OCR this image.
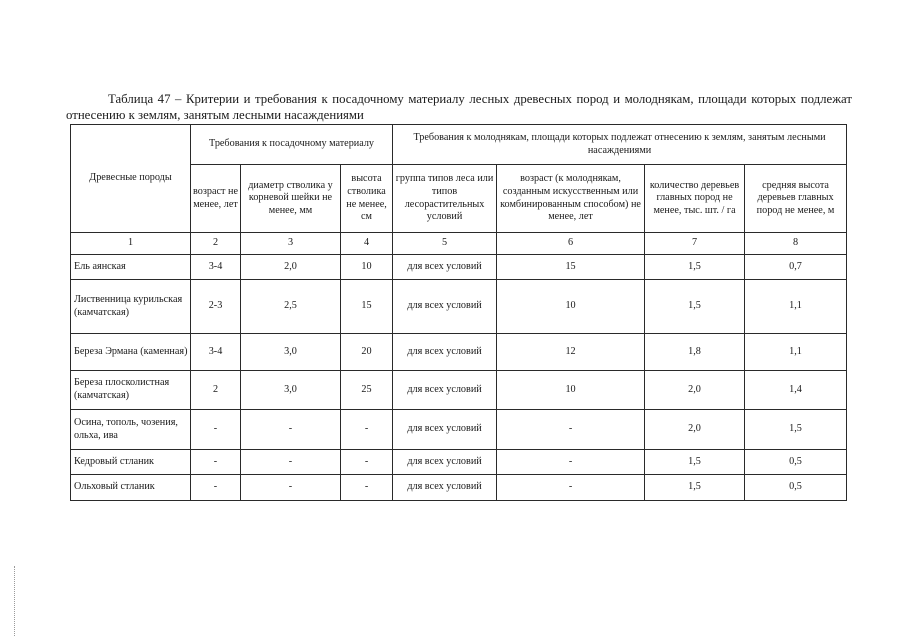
Таблица 47 – Критерии и требования к посадочному материалу лесных древесных пород и молоднякам, площади которых подлежат отнесению к землям, занятым лесными насаждениями
Древесные породы	Требования к посадочному материалу			Требования к молоднякам, площади которых подлежат отнесению к землям, занятым лесными насаждениями			
	возраст не менее, лет	диаметр стволика у корневой шейки не менее, мм	высота стволика не менее, см	группа типов леса или типов лесорастительных условий	возраст (к молоднякам, созданным искусственным или комбинированным способом) не менее, лет	количество деревьев главных пород не менее, тыс. шт. / га	средняя высота деревьев главных пород не менее, м
1	2	3	4	5	6	7	8
Ель аянская	3-4	2,0	10	для всех условий	15	1,5	0,7
Лиственница курильская (камчатская)	2-3	2,5	15	для всех условий	10	1,5	1,1
Береза Эрмана (каменная)	3-4	3,0	20	для всех условий	12	1,8	1,1
Береза плосколистная (камчатская)	2	3,0	25	для всех условий	10	2,0	1,4
Осина, тополь, чозения, ольха, ива	-	-	-	для всех условий	-	2,0	1,5
Кедровый стланик	-	-	-	для всех условий	-	1,5	0,5
Ольховый стланик	-	-	-	для всех условий	-	1,5	0,5
